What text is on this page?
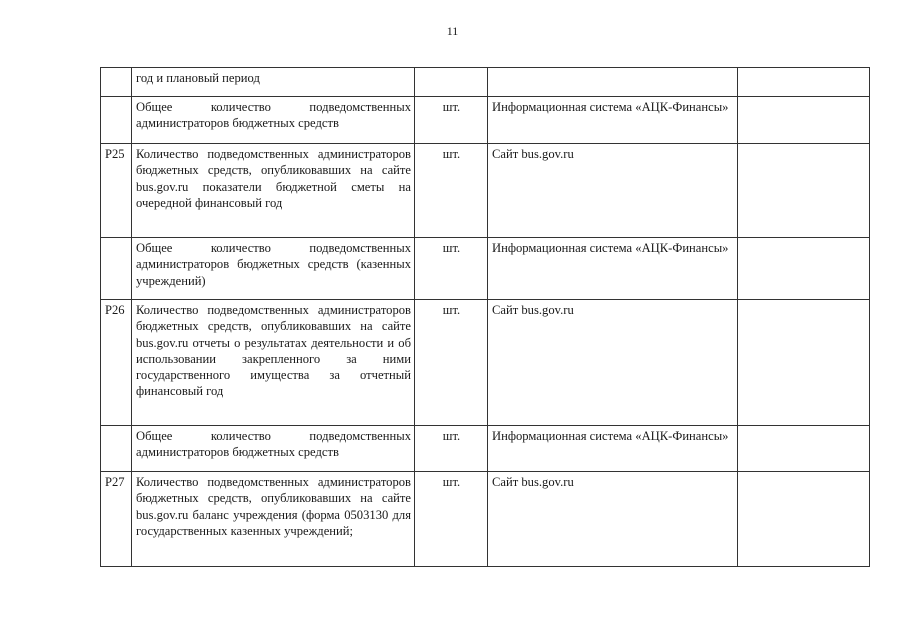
11
	год и плановый период			
	Общее количество подведомственных администраторов бюджетных средств	шт.	Информационная система «АЦК-Финансы»	
Р25	Количество подведомственных администраторов бюджетных средств, опубликовавших на сайте bus.gov.ru показатели бюджетной сметы на очередной финансовый год	шт.	Сайт bus.gov.ru	
	Общее количество подведомственных администраторов бюджетных средств (казенных учреждений)	шт.	Информационная система «АЦК-Финансы»	
Р26	Количество подведомственных администраторов бюджетных средств, опубликовавших на сайте bus.gov.ru отчеты о результатах деятельности и об использовании закрепленного за ними государственного имущества за отчетный финансовый год	шт.	Сайт bus.gov.ru	
	Общее количество подведомственных администраторов бюджетных средств	шт.	Информационная система «АЦК-Финансы»	
Р27	Количество подведомственных администраторов бюджетных средств, опубликовавших на сайте bus.gov.ru баланс учреждения (форма 0503130 для государственных казенных учреждений;	шт.	Сайт bus.gov.ru	
